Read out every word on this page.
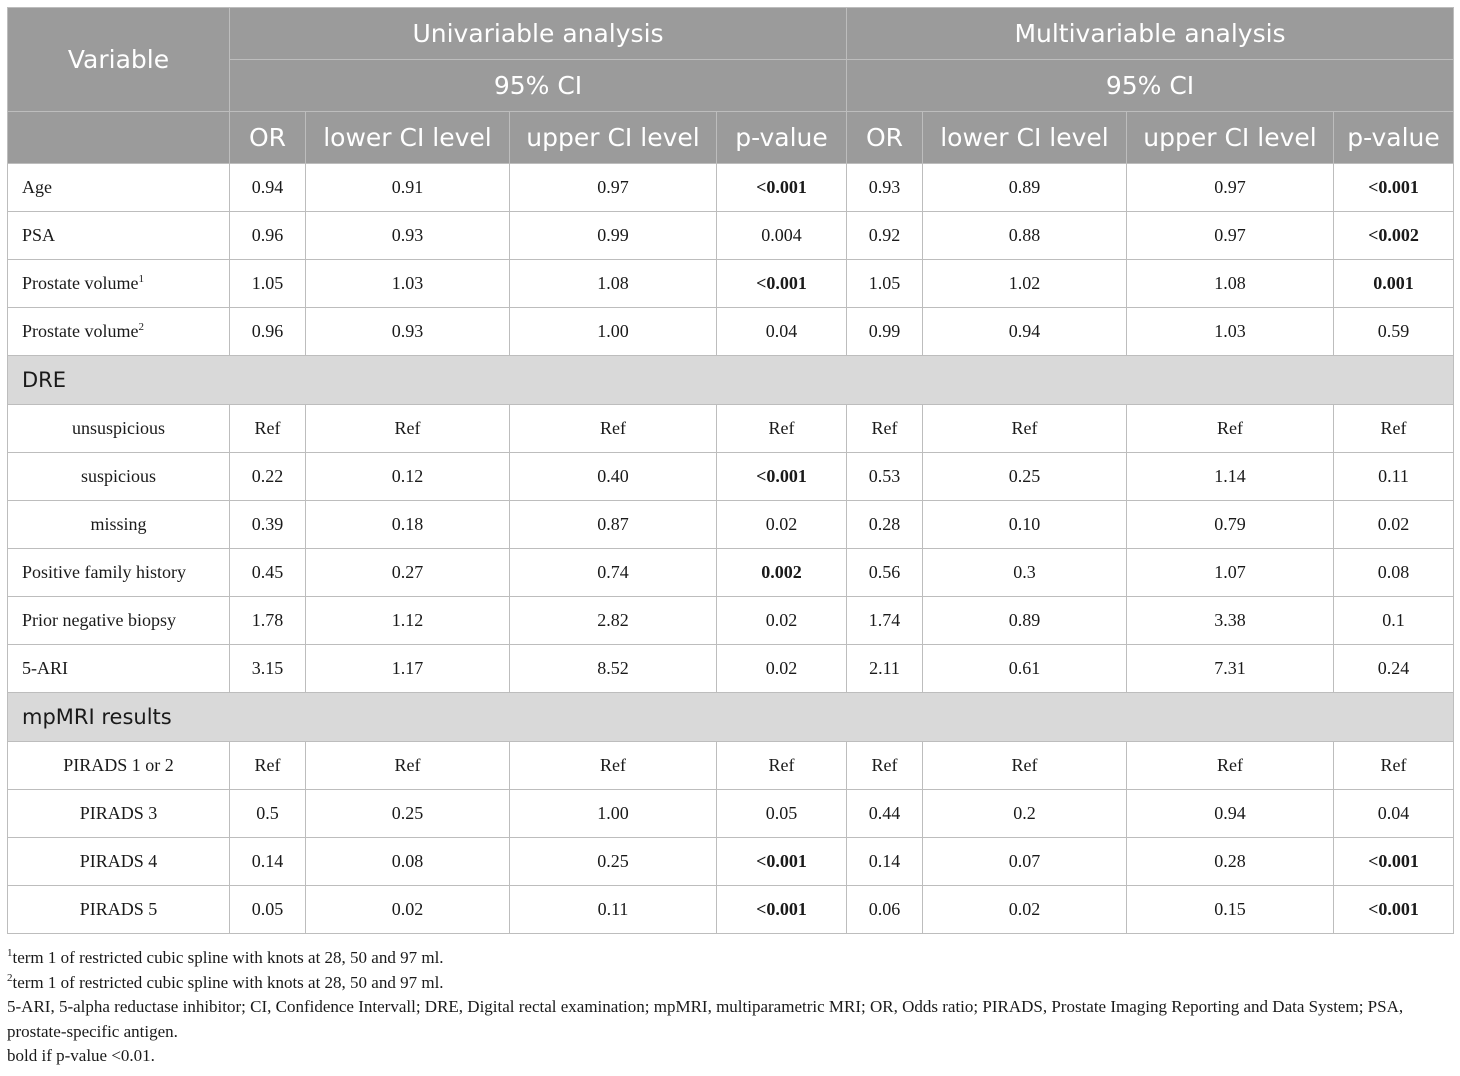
Variable	Univariable analysis				Multivariable analysis			
	95% CI				95% CI			
	OR	lower CI level	upper CI level	p-value	OR	lower CI level	upper CI level	p-value
Age	0.94	0.91	0.97	<0.001	0.93	0.89	0.97	<0.001
PSA	0.96	0.93	0.99	0.004	0.92	0.88	0.97	<0.002
Prostate volume$^1$	1.05	1.03	1.08	<0.001	1.05	1.02	1.08	0.001
Prostate volume$^2$	0.96	0.93	1.00	0.04	0.99	0.94	1.03	0.59
DRE								
unsuspicious	Ref	Ref	Ref	Ref	Ref	Ref	Ref	Ref
suspicious	0.22	0.12	0.40	<0.001	0.53	0.25	1.14	0.11
missing	0.39	0.18	0.87	0.02	0.28	0.10	0.79	0.02
Positive family history	0.45	0.27	0.74	0.002	0.56	0.3	1.07	0.08
Prior negative biopsy	1.78	1.12	2.82	0.02	1.74	0.89	3.38	0.1
5-ARI	3.15	1.17	8.52	0.02	2.11	0.61	7.31	0.24
mpMRI results								
PIRADS 1 or 2	Ref	Ref	Ref	Ref	Ref	Ref	Ref	Ref
PIRADS 3	0.5	0.25	1.00	0.05	0.44	0.2	0.94	0.04
PIRADS 4	0.14	0.08	0.25	<0.001	0.14	0.07	0.28	<0.001
PIRADS 5	0.05	0.02	0.11	<0.001	0.06	0.02	0.15	<0.001
$^1$term 1 of restricted cubic spline with knots at 28, 50 and 97 ml.
$^2$term 1 of restricted cubic spline with knots at 28, 50 and 97 ml.
5-ARI, 5-alpha reductase inhibitor; CI, Confidence Intervall; DRE, Digital rectal examination; mpMRI, multiparametric MRI; OR, Odds ratio; PIRADS, Prostate Imaging Reporting and Data System; PSA, prostate-specific antigen.
bold if p-value <0.01.
